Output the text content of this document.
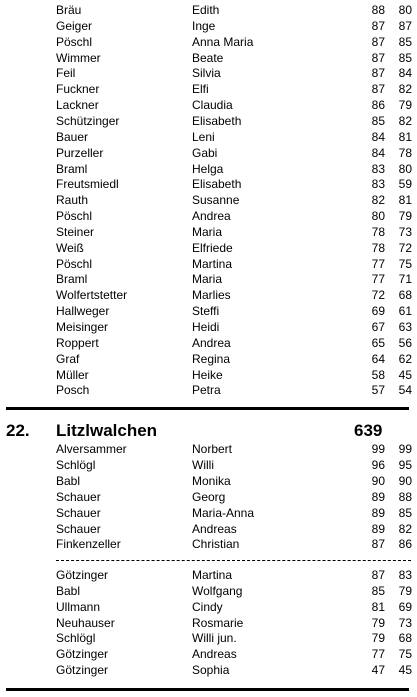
Bräu	Edith	88	80
Geiger	Inge	87	87
Pöschl	Anna Maria	87	85
Wimmer	Beate	87	85
Feil	Silvia	87	84
Fuckner	Elfi	87	82
Lackner	Claudia	86	79
Schützinger	Elisabeth	85	82
Bauer	Leni	84	81
Purzeller	Gabi	84	78
Braml	Helga	83	80
Freutsmiedl	Elisabeth	83	59
Rauth	Susanne	82	81
Pöschl	Andrea	80	79
Steiner	Maria	78	73
Weiß	Elfriede	78	72
Pöschl	Martina	77	75
Braml	Maria	77	71
Wolfertstetter	Marlies	72	68
Hallweger	Steffi	69	61
Meisinger	Heidi	67	63
Roppert	Andrea	65	56
Graf	Regina	64	62
Müller	Heike	58	45
Posch	Petra	57	54
22. Litzlwalchen	639
Alversammer	Norbert	99	99
Schlögl	Willi	96	95
Babl	Monika	90	90
Schauer	Georg	89	88
Schauer	Maria-Anna	89	85
Schauer	Andreas	89	82
Finkenzeller	Christian	87	86
Götzinger	Martina	87	83
Babl	Wolfgang	85	79
Ullmann	Cindy	81	69
Neuhauser	Rosmarie	79	73
Schlögl	Willi jun.	79	68
Götzinger	Andreas	77	75
Götzinger	Sophia	47	45
